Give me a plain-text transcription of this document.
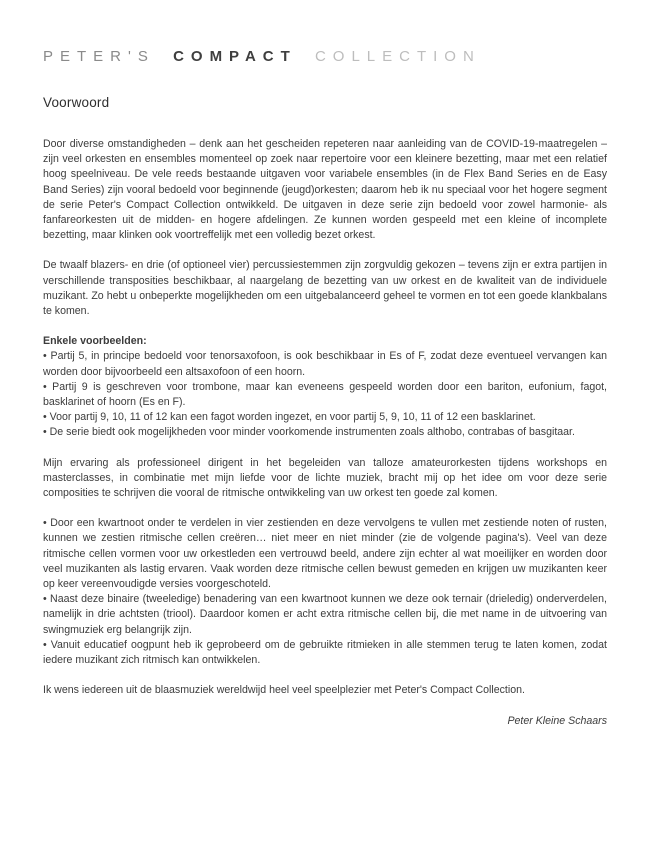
PETER'S COMPACT COLLECTION
Voorwoord

Door diverse omstandigheden – denk aan het gescheiden repeteren naar aanleiding van de COVID-19-maatregelen – zijn veel orkesten en ensembles momenteel op zoek naar repertoire voor een kleinere bezetting, maar met een relatief hoog speelniveau. De vele reeds bestaande uitgaven voor variabele ensembles (in de Flex Band Series en de Easy Band Series) zijn vooral bedoeld voor beginnende (jeugd)orkesten; daarom heb ik nu speciaal voor het hogere segment de serie Peter's Compact Collection ontwikkeld. De uitgaven in deze serie zijn bedoeld voor zowel harmonie- als fanfareorkesten uit de midden- en hogere afdelingen. Ze kunnen worden gespeeld met een kleine of incomplete bezetting, maar klinken ook voortreffelijk met een volledig bezet orkest.

De twaalf blazers- en drie (of optioneel vier) percussiestemmen zijn zorgvuldig gekozen – tevens zijn er extra partijen in verschillende transposities beschikbaar, al naargelang de bezetting van uw orkest en de kwaliteit van de individuele muzikant. Zo hebt u onbeperkte mogelijkheden om een uitgebalanceerd geheel te vormen en tot een goede klankbalans te komen.

Enkele voorbeelden:

• Partij 5, in principe bedoeld voor tenorsaxofoon, is ook beschikbaar in Es of F, zodat deze eventueel vervangen kan worden door bijvoorbeeld een altsaxofoon of een hoorn.

• Partij 9 is geschreven voor trombone, maar kan eveneens gespeeld worden door een bariton, eufonium, fagot, basklarinet of hoorn (Es en F).

• Voor partij 9, 10, 11 of 12 kan een fagot worden ingezet, en voor partij 5, 9, 10, 11 of 12 een basklarinet.

• De serie biedt ook mogelijkheden voor minder voorkomende instrumenten zoals althobo, contrabas of basgitaar.

Mijn ervaring als professioneel dirigent in het begeleiden van talloze amateurorkesten tijdens workshops en masterclasses, in combinatie met mijn liefde voor de lichte muziek, bracht mij op het idee om voor deze serie composities te schrijven die vooral de ritmische ontwikkeling van uw orkest ten goede zal komen.

• Door een kwartnoot onder te verdelen in vier zestienden en deze vervolgens te vullen met zestiende noten of rusten, kunnen we zestien ritmische cellen creëren… niet meer en niet minder (zie de volgende pagina's). Veel van deze ritmische cellen vormen voor uw orkestleden een vertrouwd beeld, andere zijn echter al wat moeilijker en worden door veel muzikanten als lastig ervaren. Vaak worden deze ritmische cellen bewust gemeden en krijgen uw muzikanten keer op keer vereenvoudigde versies voorgeschoteld.

• Naast deze binaire (tweeledige) benadering van een kwartnoot kunnen we deze ook ternair (drieledig) onderverdelen, namelijk in drie achtsten (triool). Daardoor komen er acht extra ritmische cellen bij, die met name in de uitvoering van swingmuziek erg belangrijk zijn.

• Vanuit educatief oogpunt heb ik geprobeerd om de gebruikte ritmieken in alle stemmen terug te laten komen, zodat iedere muzikant zich ritmisch kan ontwikkelen.

Ik wens iedereen uit de blaasmuziek wereldwijd heel veel speelplezier met Peter's Compact Collection.

Peter Kleine Schaars
